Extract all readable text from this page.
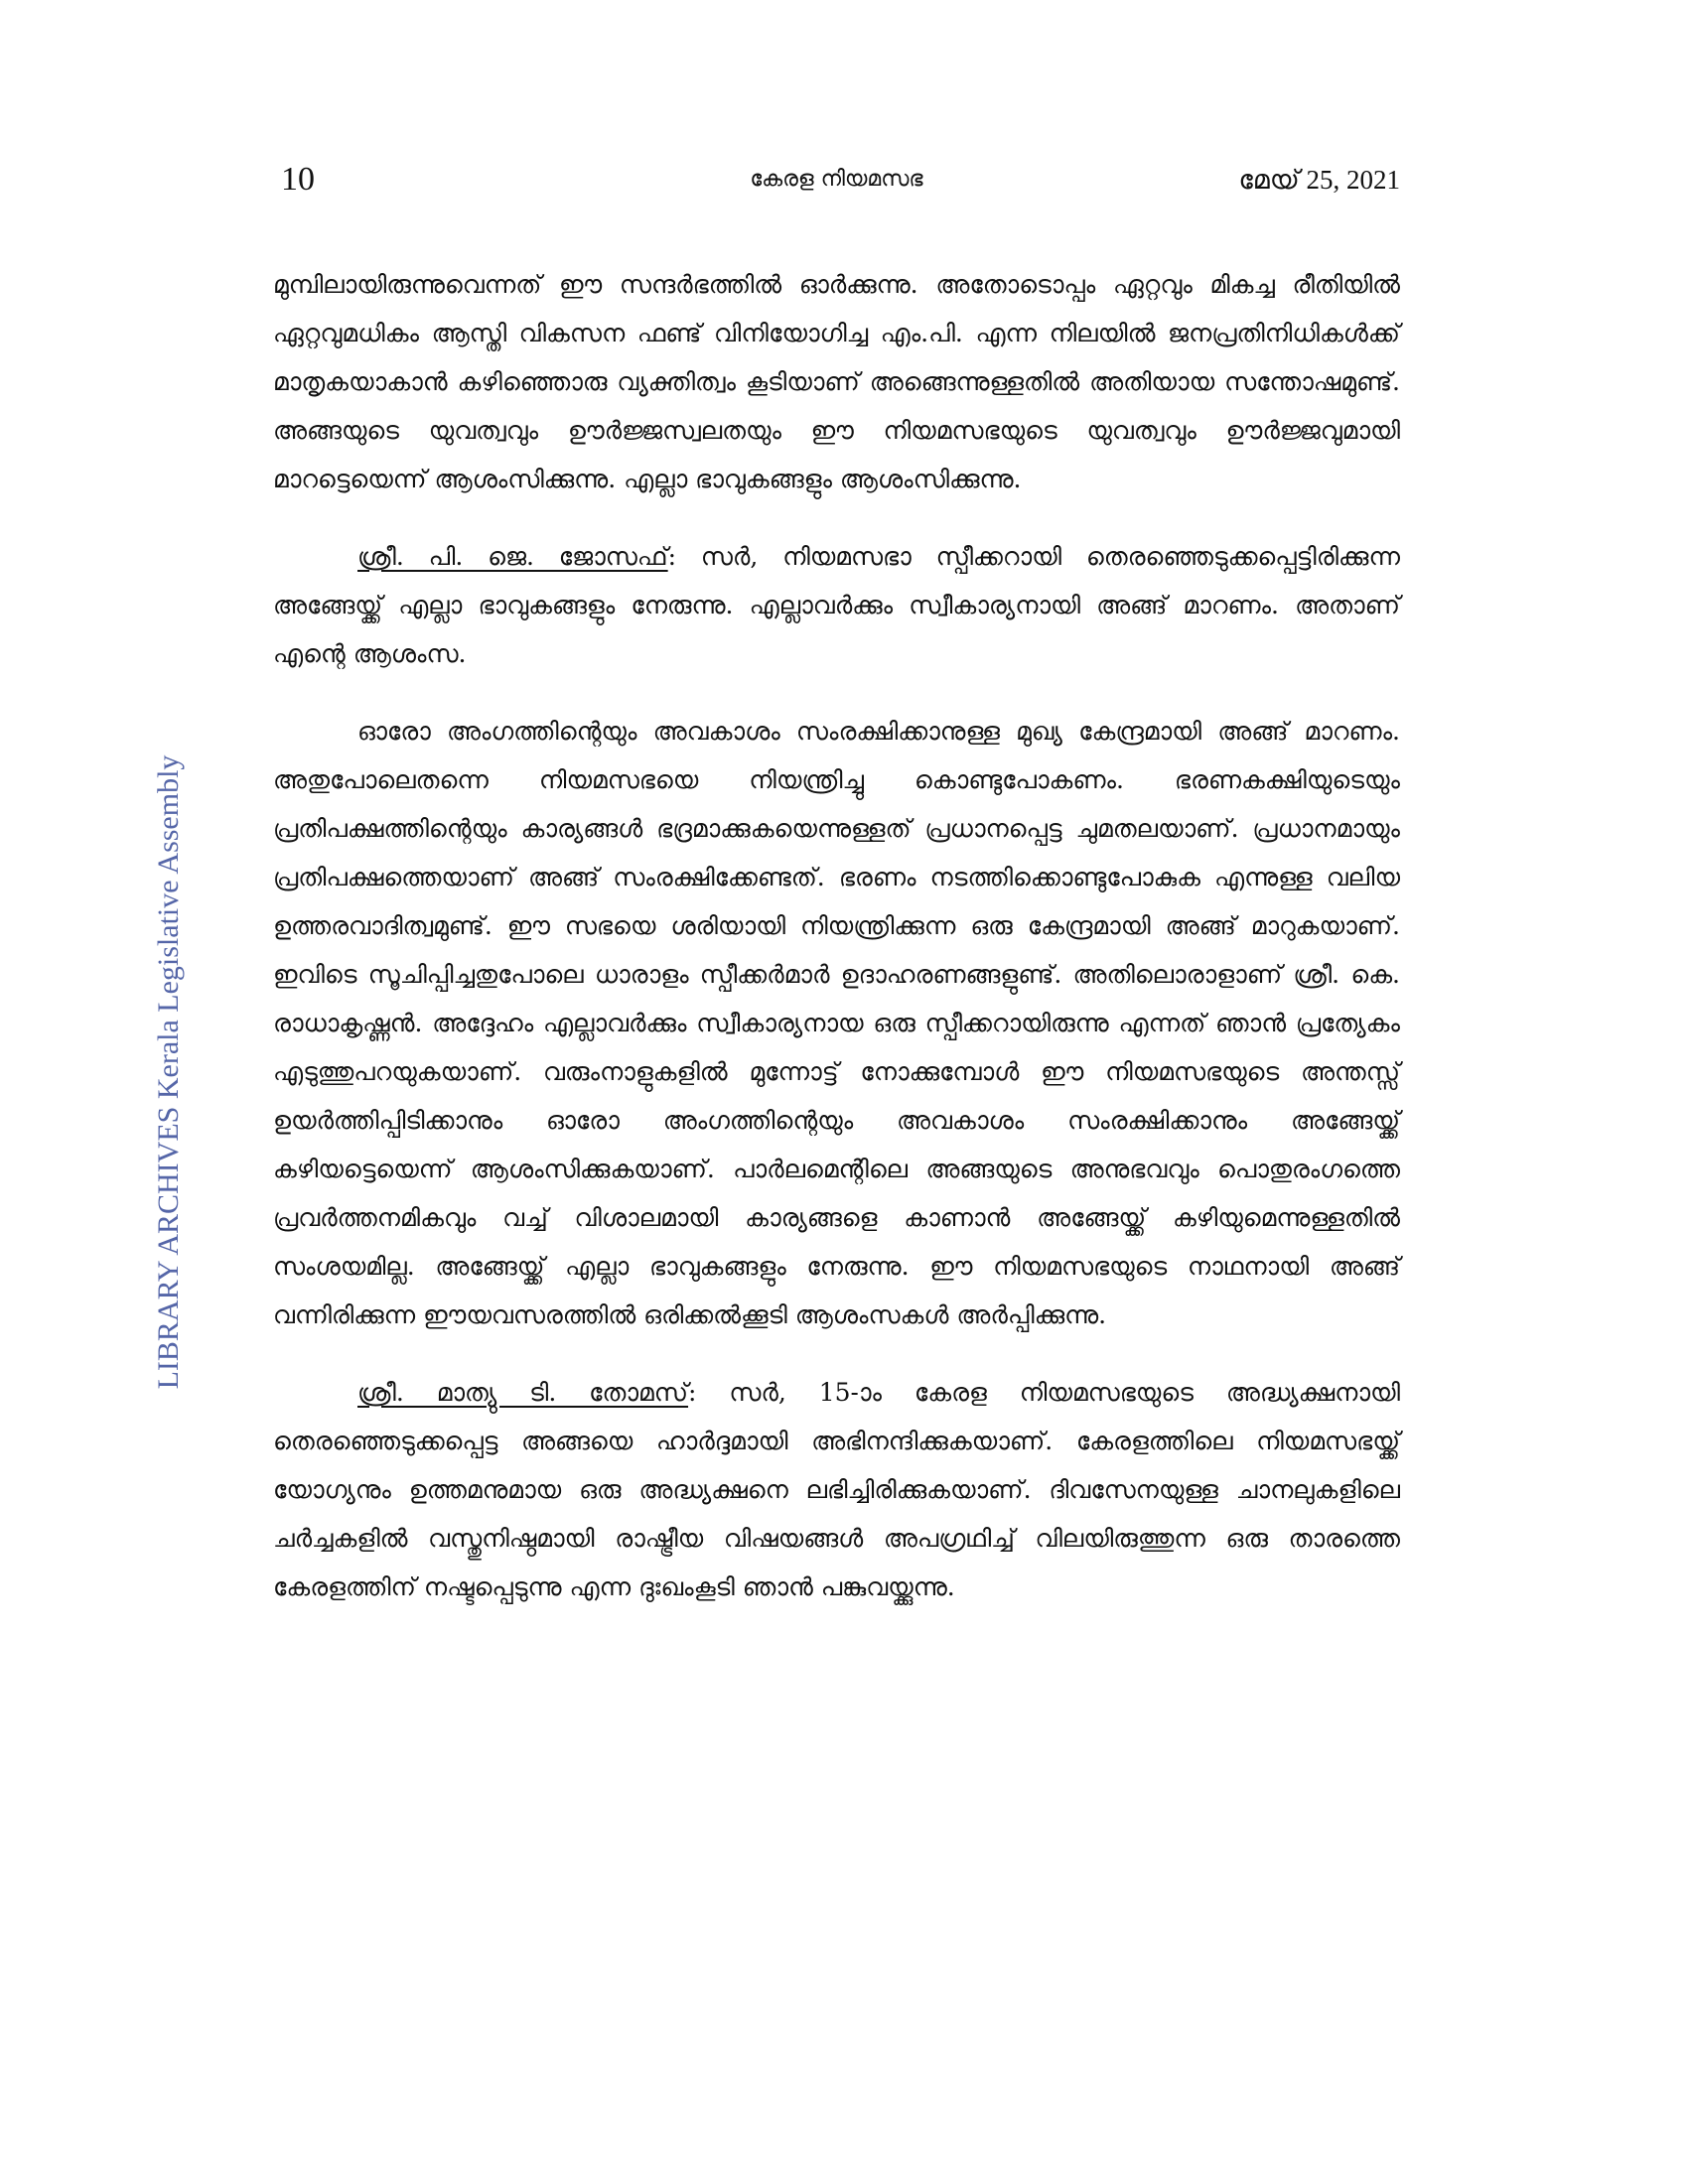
10	കേരള നിയമസഭ	മേയ് 25, 2021
LIBRARY ARCHIVES Kerala Legislative Assembly

മുമ്പിലായിരുന്നുവെന്നത് ഈ സന്ദർഭത്തിൽ ഓർക്കുന്നു. അതോടൊപ്പം ഏറ്റവും മികച്ച രീതിയിൽ ഏറ്റവുമധികം ആസ്തി വികസന ഫണ്ട് വിനിയോഗിച്ച എം.പി. എന്ന നിലയിൽ ജനപ്രതിനിധികൾക്ക് മാതൃകയാകാൻ കഴിഞ്ഞൊരു വ്യക്തിത്വം കൂടിയാണ് അങ്ങെന്നുള്ളതിൽ അതിയായ സന്തോഷമുണ്ട്. അങ്ങയുടെ യുവത്വവും ഊർജ്ജസ്വലതയും ഈ നിയമസഭയുടെ യുവത്വവും ഊർജ്ജവുമായി മാറട്ടെയെന്ന് ആശംസിക്കുന്നു. എല്ലാ ഭാവുകങ്ങളും ആശംസിക്കുന്നു.

ശ്രീ. പി. ജെ. ജോസഫ്: സർ, നിയമസഭാ സ്പീക്കറായി തെരഞ്ഞെടുക്കപ്പെട്ടിരിക്കുന്ന അങ്ങേയ്ക്ക് എല്ലാ ഭാവുകങ്ങളും നേരുന്നു. എല്ലാവർക്കും സ്വീകാര്യനായി അങ്ങ് മാറണം. അതാണ് എന്റെ ആശംസ.

ഓരോ അംഗത്തിന്റെയും അവകാശം സംരക്ഷിക്കാനുള്ള മുഖ്യ കേന്ദ്രമായി അങ്ങ് മാറണം. അതുപോലെതന്നെ നിയമസഭയെ നിയന്ത്രിച്ചു കൊണ്ടുപോകണം. ഭരണകക്ഷിയുടെയും പ്രതിപക്ഷത്തിന്റെയും കാര്യങ്ങൾ ഭദ്രമാക്കുകയെന്നുള്ളത് പ്രധാനപ്പെട്ട ചുമതലയാണ്. പ്രധാനമായും പ്രതിപക്ഷത്തെയാണ് അങ്ങ് സംരക്ഷിക്കേണ്ടത്. ഭരണം നടത്തിക്കൊണ്ടുപോകുക എന്നുള്ള വലിയ ഉത്തരവാദിത്വമുണ്ട്. ഈ സഭയെ ശരിയായി നിയന്ത്രിക്കുന്ന ഒരു കേന്ദ്രമായി അങ്ങ് മാറുകയാണ്. ഇവിടെ സൂചിപ്പിച്ചതുപോലെ ധാരാളം സ്പീക്കർമാർ ഉദാഹരണങ്ങളുണ്ട്. അതിലൊരാളാണ് ശ്രീ. കെ. രാധാകൃഷ്ണൻ. അദ്ദേഹം എല്ലാവർക്കും സ്വീകാര്യനായ ഒരു സ്പീക്കറായിരുന്നു എന്നത് ഞാൻ പ്രത്യേകം എടുത്തുപറയുകയാണ്. വരുംനാളുകളിൽ മുന്നോട്ട് നോക്കുമ്പോൾ ഈ നിയമസഭയുടെ അന്തസ്സ് ഉയർത്തിപ്പിടിക്കാനും ഓരോ അംഗത്തിന്റെയും അവകാശം സംരക്ഷിക്കാനും അങ്ങേയ്ക്ക് കഴിയട്ടെയെന്ന് ആശംസിക്കുകയാണ്. പാർലമെന്റിലെ അങ്ങയുടെ അനുഭവവും പൊതുരംഗത്തെ പ്രവർത്തനമികവും വച്ച് വിശാലമായി കാര്യങ്ങളെ കാണാൻ അങ്ങേയ്ക്ക് കഴിയുമെന്നുള്ളതിൽ സംശയമില്ല. അങ്ങേയ്ക്ക് എല്ലാ ഭാവുകങ്ങളും നേരുന്നു. ഈ നിയമസഭയുടെ നാഥനായി അങ്ങ് വന്നിരിക്കുന്ന ഈയവസരത്തിൽ ഒരിക്കൽക്കൂടി ആശംസകൾ അർപ്പിക്കുന്നു.

ശ്രീ. മാത്യു ടി. തോമസ്: സർ, 15-ാം കേരള നിയമസഭയുടെ അദ്ധ്യക്ഷനായി തെരഞ്ഞെടുക്കപ്പെട്ട അങ്ങയെ ഹാർദ്ദമായി അഭിനന്ദിക്കുകയാണ്. കേരളത്തിലെ നിയമസഭയ്ക്ക് യോഗ്യനും ഉത്തമനുമായ ഒരു അദ്ധ്യക്ഷനെ ലഭിച്ചിരിക്കുകയാണ്. ദിവസേനയുള്ള ചാനലുകളിലെ ചർച്ചകളിൽ വസ്തുനിഷ്ഠമായി രാഷ്ട്രീയ വിഷയങ്ങൾ അപഗ്രഥിച്ച് വിലയിരുത്തുന്ന ഒരു താരത്തെ കേരളത്തിന് നഷ്ടപ്പെടുന്നു എന്ന ദുഃഖംകൂടി ഞാൻ പങ്കുവയ്ക്കുന്നു.
